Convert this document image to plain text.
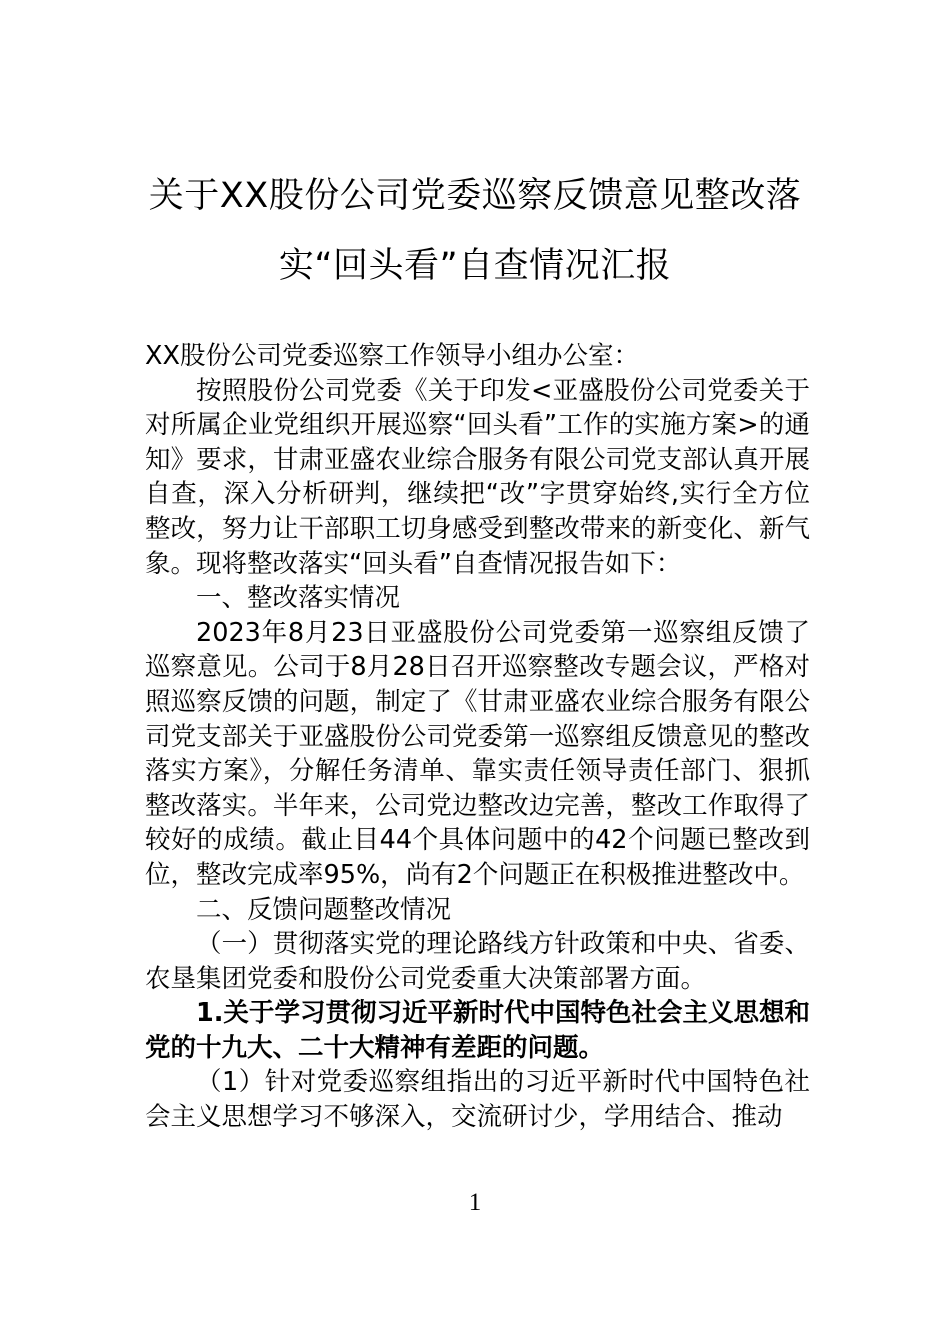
关于XX股份公司党委巡察反馈意见整改落
实“回头看”自查情况汇报

XX股份公司党委巡察工作领导小组办公室：

按照股份公司党委《关于印发<亚盛股份公司党委关于对所属企业党组织开展巡察“回头看”工作的实施方案>的通知》要求，甘肃亚盛农业综合服务有限公司党支部认真开展自查，深入分析研判，继续把“改”字贯穿始终,实行全方位整改，努力让干部职工切身感受到整改带来的新变化、新气象。现将整改落实“回头看”自查情况报告如下：

一、整改落实情况

2023年8月23日亚盛股份公司党委第一巡察组反馈了巡察意见。公司于8月28日召开巡察整改专题会议，严格对照巡察反馈的问题，制定了《甘肃亚盛农业综合服务有限公司党支部关于亚盛股份公司党委第一巡察组反馈意见的整改落实方案》，分解任务清单、靠实责任领导责任部门、狠抓整改落实。半年来，公司党边整改边完善，整改工作取得了较好的成绩。截止目44个具体问题中的42个问题已整改到位，整改完成率95%，尚有2个问题正在积极推进整改中。

二、反馈问题整改情况

（一）贯彻落实党的理论路线方针政策和中央、省委、农垦集团党委和股份公司党委重大决策部署方面。

1.关于学习贯彻习近平新时代中国特色社会主义思想和党的十九大、二十大精神有差距的问题。

（1）针对党委巡察组指出的习近平新时代中国特色社会主义思想学习不够深入，交流研讨少，学用结合、推动

1
